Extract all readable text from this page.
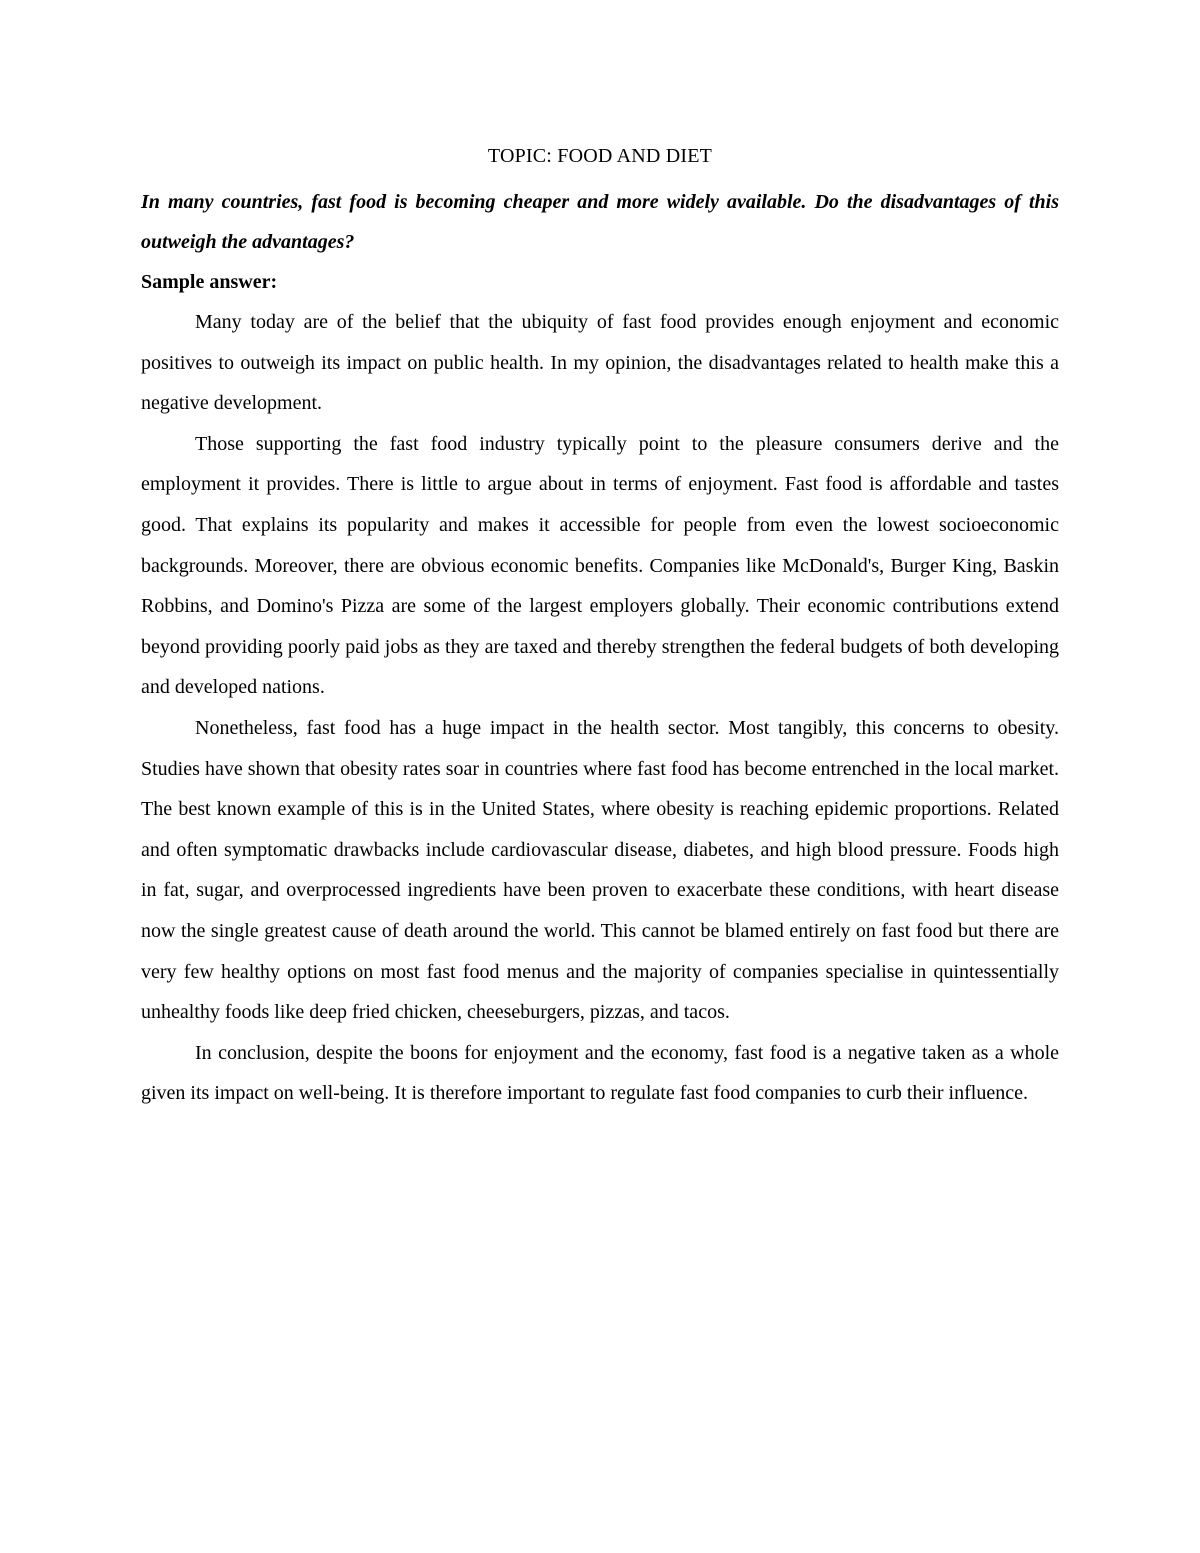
TOPIC: FOOD AND DIET

In many countries, fast food is becoming cheaper and more widely available. Do the disadvantages of this outweigh the advantages?

Sample answer:

Many today are of the belief that the ubiquity of fast food provides enough enjoyment and economic positives to outweigh its impact on public health. In my opinion, the disadvantages related to health make this a negative development.

Those supporting the fast food industry typically point to the pleasure consumers derive and the employment it provides. There is little to argue about in terms of enjoyment. Fast food is affordable and tastes good. That explains its popularity and makes it accessible for people from even the lowest socioeconomic backgrounds. Moreover, there are obvious economic benefits. Companies like McDonald's, Burger King, Baskin Robbins, and Domino's Pizza are some of the largest employers globally. Their economic contributions extend beyond providing poorly paid jobs as they are taxed and thereby strengthen the federal budgets of both developing and developed nations.

Nonetheless, fast food has a huge impact in the health sector. Most tangibly, this concerns to obesity. Studies have shown that obesity rates soar in countries where fast food has become entrenched in the local market. The best known example of this is in the United States, where obesity is reaching epidemic proportions. Related and often symptomatic drawbacks include cardiovascular disease, diabetes, and high blood pressure. Foods high in fat, sugar, and overprocessed ingredients have been proven to exacerbate these conditions, with heart disease now the single greatest cause of death around the world. This cannot be blamed entirely on fast food but there are very few healthy options on most fast food menus and the majority of companies specialise in quintessentially unhealthy foods like deep fried chicken, cheeseburgers, pizzas, and tacos.

In conclusion, despite the boons for enjoyment and the economy, fast food is a negative taken as a whole given its impact on well-being. It is therefore important to regulate fast food companies to curb their influence.
